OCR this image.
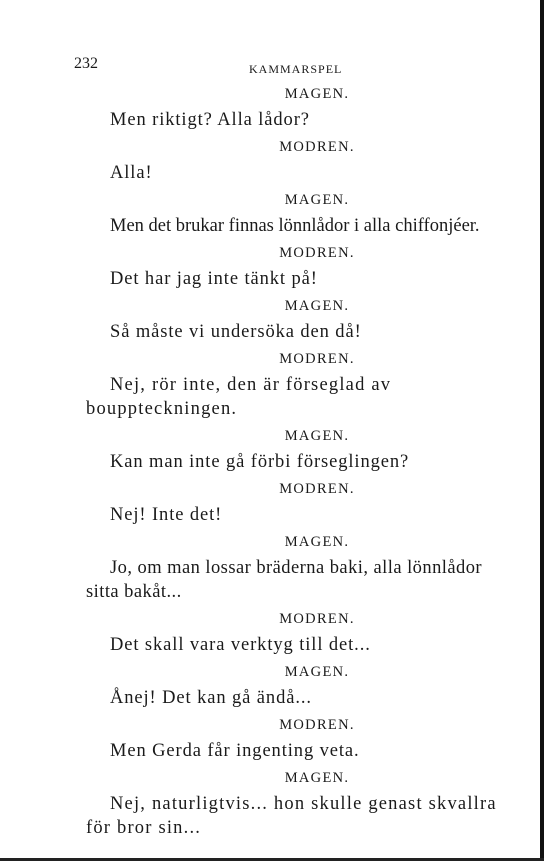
232	KAMMARSPEL
MAGEN.
Men riktigt? Alla lådor?
MODREN.
Alla!
MAGEN.
Men det brukar finnas lönnlådor i alla chiffonjéer.
MODREN.
Det har jag inte tänkt på!
MAGEN.
Så måste vi undersöka den då!
MODREN.
Nej, rör inte, den är förseglad av bouppteckningen.
MAGEN.
Kan man inte gå förbi förseglingen?
MODREN.
Nej! Inte det!
MAGEN.
Jo, om man lossar bräderna baki, alla lönnlådor sitta bakåt...
MODREN.
Det skall vara verktyg till det...
MAGEN.
Ånej! Det kan gå ändå...
MODREN.
Men Gerda får ingenting veta.
MAGEN.
Nej, naturligtvis... hon skulle genast skvallra för bror sin...
